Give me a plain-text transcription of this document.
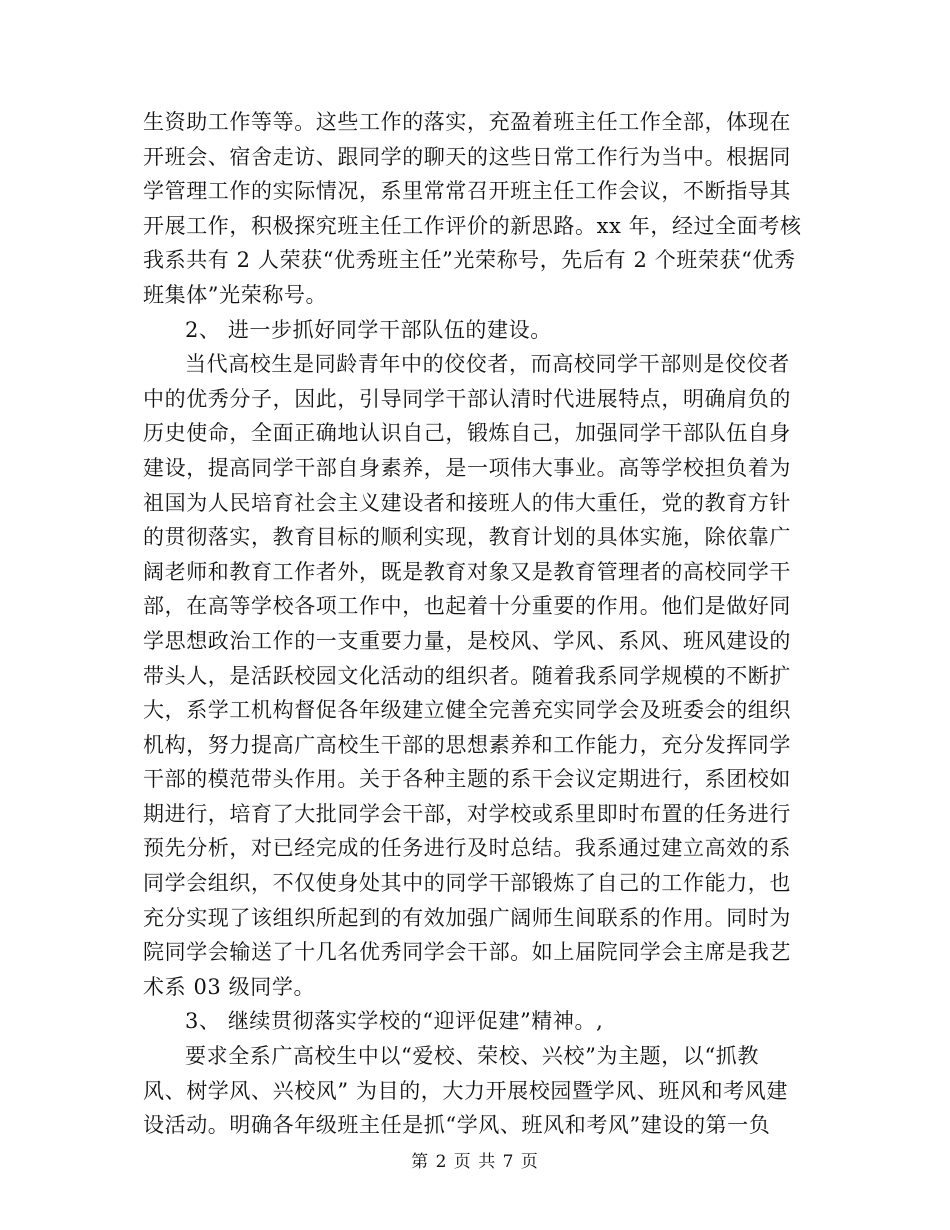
生资助工作等等。这些工作的落实，充盈着班主任工作全部，体现在
开班会、宿舍走访、跟同学的聊天的这些日常工作行为当中。根据同
学管理工作的实际情况，系里常常召开班主任工作会议，不断指导其
开展工作，积极探究班主任工作评价的新思路。xx 年，经过全面考核
我系共有 2 人荣获“优秀班主任”光荣称号，先后有 2 个班荣获“优秀
班集体”光荣称号。
2、 进一步抓好同学干部队伍的建设。
当代高校生是同龄青年中的佼佼者，而高校同学干部则是佼佼者
中的优秀分子，因此，引导同学干部认清时代进展特点，明确肩负的
历史使命，全面正确地认识自己，锻炼自己，加强同学干部队伍自身
建设，提高同学干部自身素养，是一项伟大事业。高等学校担负着为
祖国为人民培育社会主义建设者和接班人的伟大重任，党的教育方针
的贯彻落实，教育目标的顺利实现，教育计划的具体实施，除依靠广
阔老师和教育工作者外，既是教育对象又是教育管理者的高校同学干
部，在高等学校各项工作中，也起着十分重要的作用。他们是做好同
学思想政治工作的一支重要力量，是校风、学风、系风、班风建设的
带头人，是活跃校园文化活动的组织者。随着我系同学规模的不断扩
大，系学工机构督促各年级建立健全完善充实同学会及班委会的组织
机构，努力提高广高校生干部的思想素养和工作能力，充分发挥同学
干部的模范带头作用。关于各种主题的系干会议定期进行，系团校如
期进行，培育了大批同学会干部，对学校或系里即时布置的任务进行
预先分析，对已经完成的任务进行及时总结。我系通过建立高效的系
同学会组织，不仅使身处其中的同学干部锻炼了自己的工作能力，也
充分实现了该组织所起到的有效加强广阔师生间联系的作用。同时为
院同学会输送了十几名优秀同学会干部。如上届院同学会主席是我艺
术系 03 级同学。
3、 继续贯彻落实学校的“迎评促建”精神。,
要求全系广高校生中以“爱校、荣校、兴校”为主题，以“抓教
风、树学风、兴校风” 为目的，大力开展校园暨学风、班风和考风建
设活动。明确各年级班主任是抓“学风、班风和考风”建设的第一负
第 2 页 共 7 页
